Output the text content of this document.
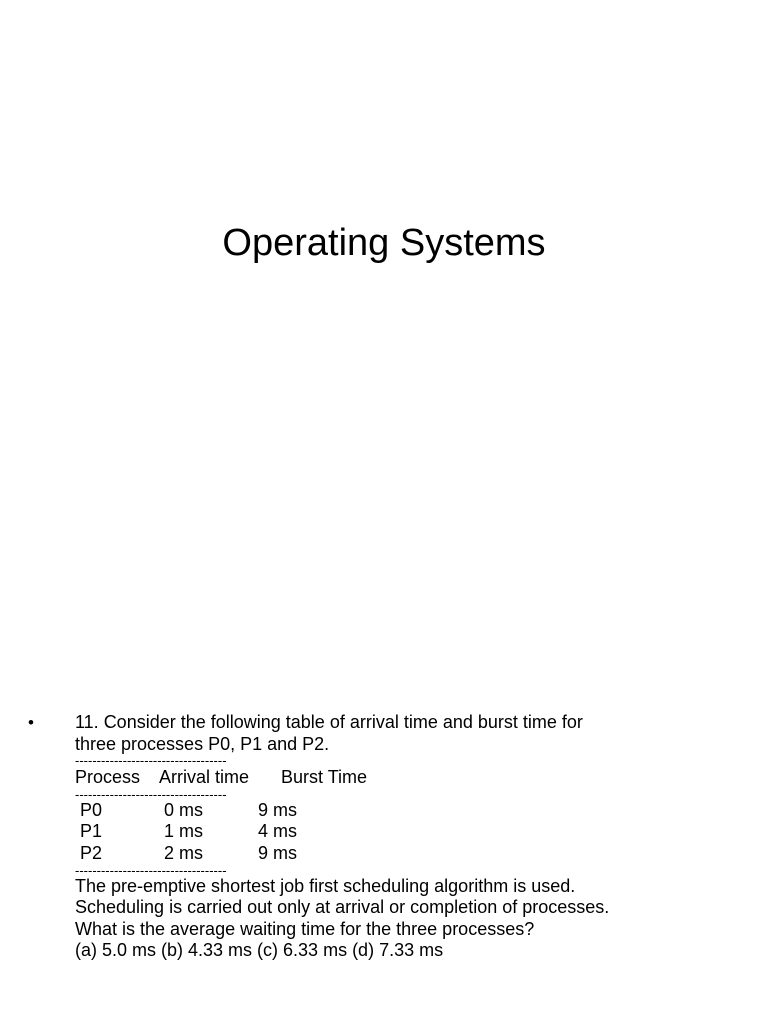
Operating Systems
• 11. Consider the following table of arrival time and burst time for
three processes P0, P1 and P2.
-----------------------------------
Process	Arrival time	Burst Time
-----------------------------------
P0	0 ms	9 ms
P1	1 ms	4 ms
P2	2 ms	9 ms
-----------------------------------
The pre-emptive shortest job first scheduling algorithm is used.
Scheduling is carried out only at arrival or completion of processes.
What is the average waiting time for the three processes?
(a) 5.0 ms (b) 4.33 ms (c) 6.33 ms (d) 7.33 ms
